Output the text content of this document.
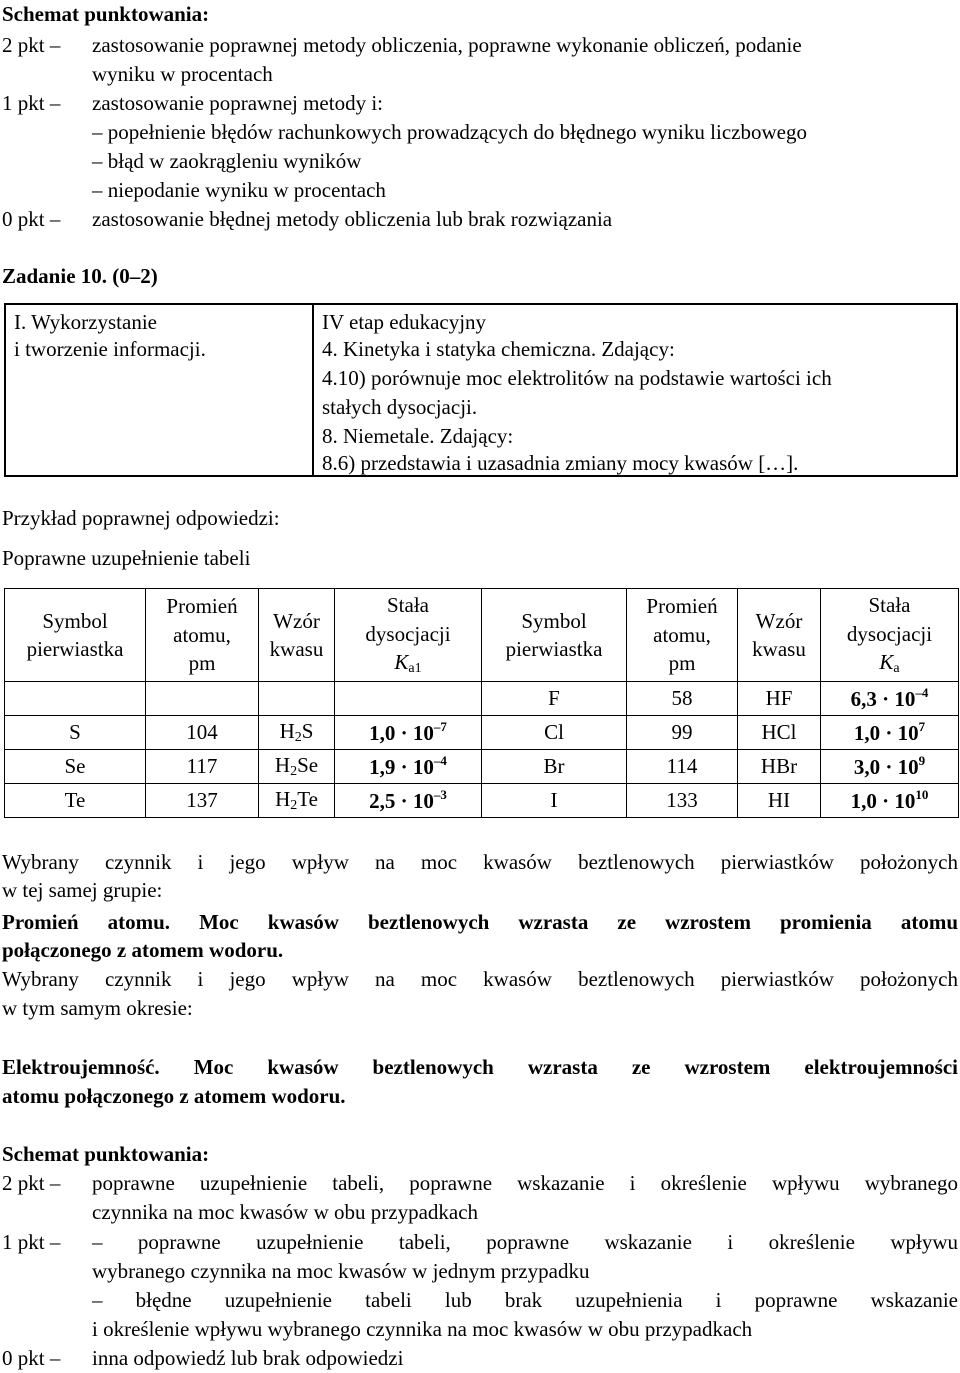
Schemat punktowania:
2 pkt – zastosowanie poprawnej metody obliczenia, poprawne wykonanie obliczeń, podanie
wyniku w procentach
1 pkt – zastosowanie poprawnej metody i:
– popełnienie błędów rachunkowych prowadzących do błędnego wyniku liczbowego
– błąd w zaokrągleniu wyników
– niepodanie wyniku w procentach
0 pkt – zastosowanie błędnej metody obliczenia lub brak rozwiązania
Zadanie 10. (0–2)
I. Wykorzystanie
i tworzenie informacji.
IV etap edukacyjny
4. Kinetyka i statyka chemiczna. Zdający:
4.10) porównuje moc elektrolitów na podstawie wartości ich
stałych dysocjacji.
8. Niemetale. Zdający:
8.6) przedstawia i uzasadnia zmiany mocy kwasów […].
Przykład poprawnej odpowiedzi:
Poprawne uzupełnienie tabeli
Symbol
pierwiastka	Promień
atomu,
pm	Wzór
kwasu	Stała
dysocjacji
$K_{a1}$	Symbol
pierwiastka	Promień
atomu,
pm	Wzór
kwasu	Stała
dysocjacji
$K_a$
				F	58	HF	$6,3 \cdot 10^{-4}$
S	104	$H_2S$	$1,0 \cdot 10^{-7}$	Cl	99	HCl	$1,0 \cdot 10^7$
Se	117	$H_2Se$	$1,9 \cdot 10^{-4}$	Br	114	HBr	$3,0 \cdot 10^9$
Te	137	$H_2Te$	$2,5 \cdot 10^{-3}$	I	133	HI	$1,0 \cdot 10^{10}$
Wybrany czynnik i jego wpływ na moc kwasów beztlenowych pierwiastków położonych
w tej samej grupie:
Promień atomu. Moc kwasów beztlenowych wzrasta ze wzrostem promienia atomu
połączonego z atomem wodoru.
Wybrany czynnik i jego wpływ na moc kwasów beztlenowych pierwiastków położonych
w tym samym okresie:
Elektroujemność. Moc kwasów beztlenowych wzrasta ze wzrostem elektroujemności
atomu połączonego z atomem wodoru.
Schemat punktowania:
2 pkt – poprawne uzupełnienie tabeli, poprawne wskazanie i określenie wpływu wybranego
czynnika na moc kwasów w obu przypadkach
1 pkt – – poprawne uzupełnienie tabeli, poprawne wskazanie i określenie wpływu
wybranego czynnika na moc kwasów w jednym przypadku
– błędne uzupełnienie tabeli lub brak uzupełnienia i poprawne wskazanie
i określenie wpływu wybranego czynnika na moc kwasów w obu przypadkach
0 pkt – inna odpowiedź lub brak odpowiedzi
